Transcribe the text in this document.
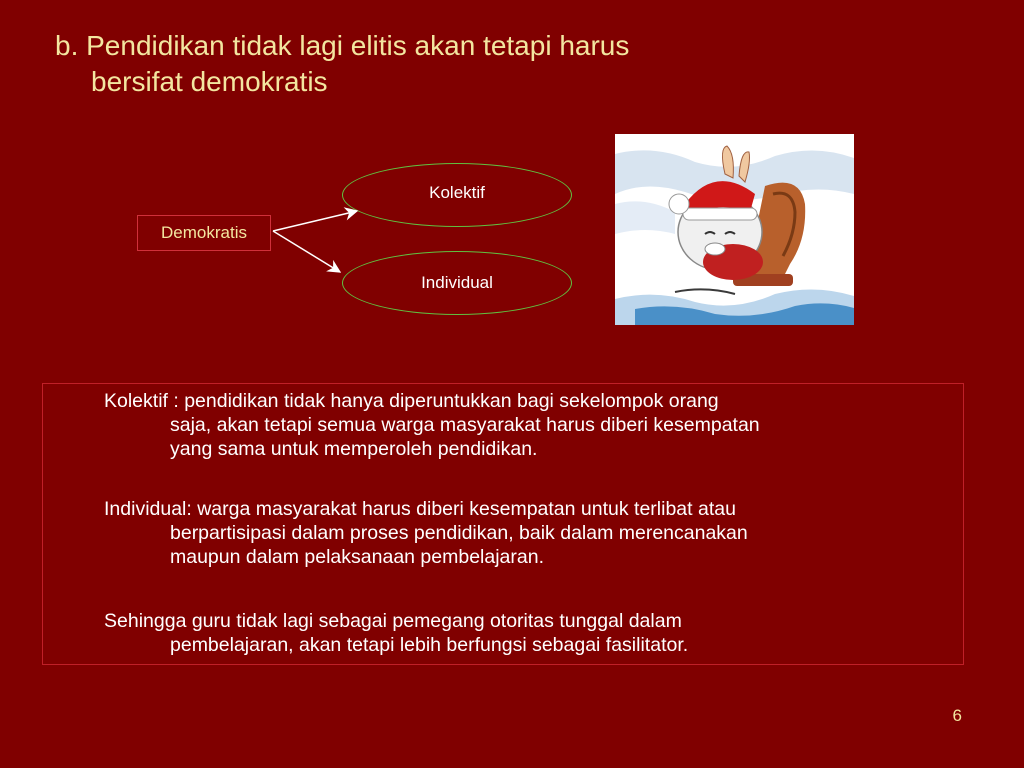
b. Pendidikan tidak lagi elitis akan tetapi harus
bersifat demokratis
Demokratis
Kolektif
Individual
Kolektif : pendidikan tidak hanya diperuntukkan bagi sekelompok orang
saja, akan tetapi semua warga masyarakat harus diberi kesempatan
yang sama untuk memperoleh pendidikan.
Individual: warga masyarakat harus diberi kesempatan untuk terlibat atau
berpartisipasi dalam proses pendidikan, baik dalam merencanakan
maupun dalam pelaksanaan pembelajaran.
Sehingga guru tidak lagi sebagai pemegang otoritas tunggal dalam
pembelajaran, akan tetapi lebih berfungsi sebagai fasilitator.
6
